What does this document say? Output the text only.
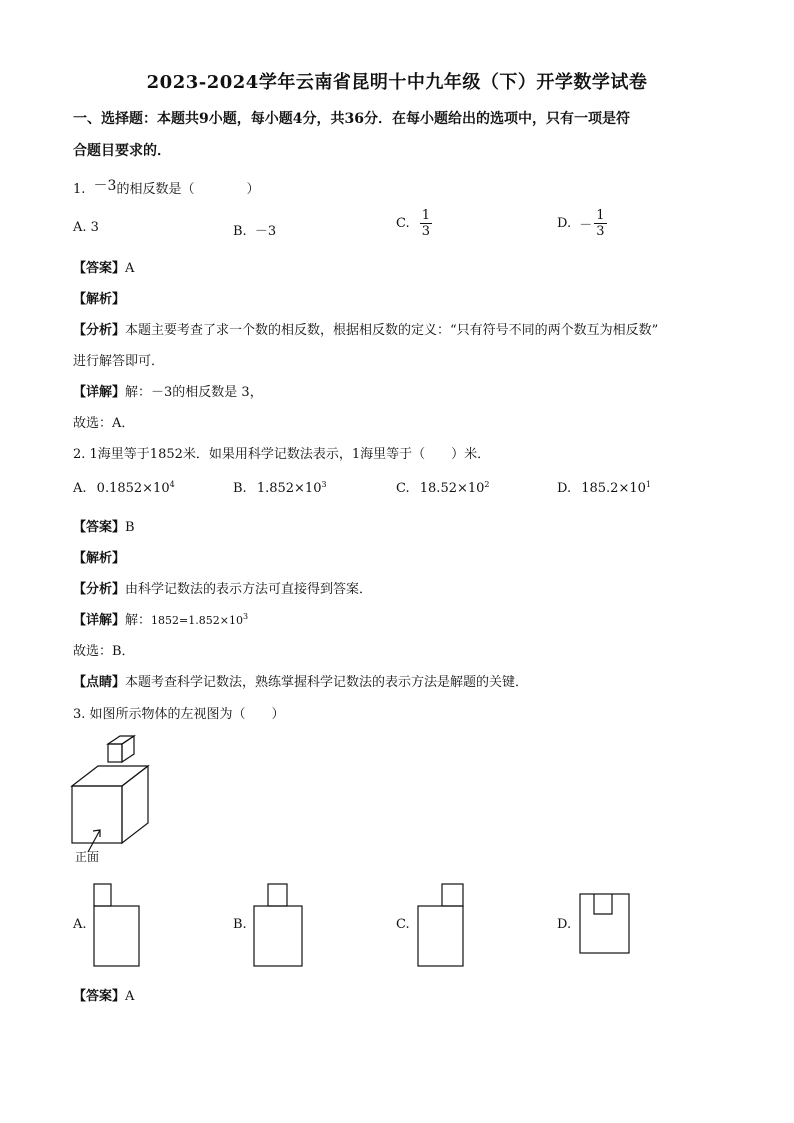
2023-2024学年云南省昆明十中九年级（下）开学数学试卷
一、选择题：本题共9小题，每小题4分，共36分．在每小题给出的选项中，只有一项是符
合题目要求的．
1. －3的相反数是（　　　　）
A. 3	B. －3
C. $\frac{1}{3}$	D. － $\frac{1}{3}$
【答案】A
【解析】
【分析】本题主要考查了求一个数的相反数，根据相反数的定义：“只有符号不同的两个数互为相反数”
进行解答即可．
【详解】解：－3的相反数是 3，
故选：A．
2. 1海里等于1852米．如果用科学记数法表示，1海里等于（　　）米．
A. $0.1852\times 10^4$	B. $1.852\times 10^3$	C. $18.52\times 10^2$	D. $185.2\times 10^1$
【答案】B
【解析】
【分析】由科学记数法的表示方法可直接得到答案．
【详解】解：$1852=1.852\times 10^3$
故选：B．
【点睛】本题考查科学记数法，熟练掌握科学记数法的表示方法是解题的关键．
3. 如图所示物体的左视图为（　　）
正面
A.	B.	C.	D.
【答案】A
